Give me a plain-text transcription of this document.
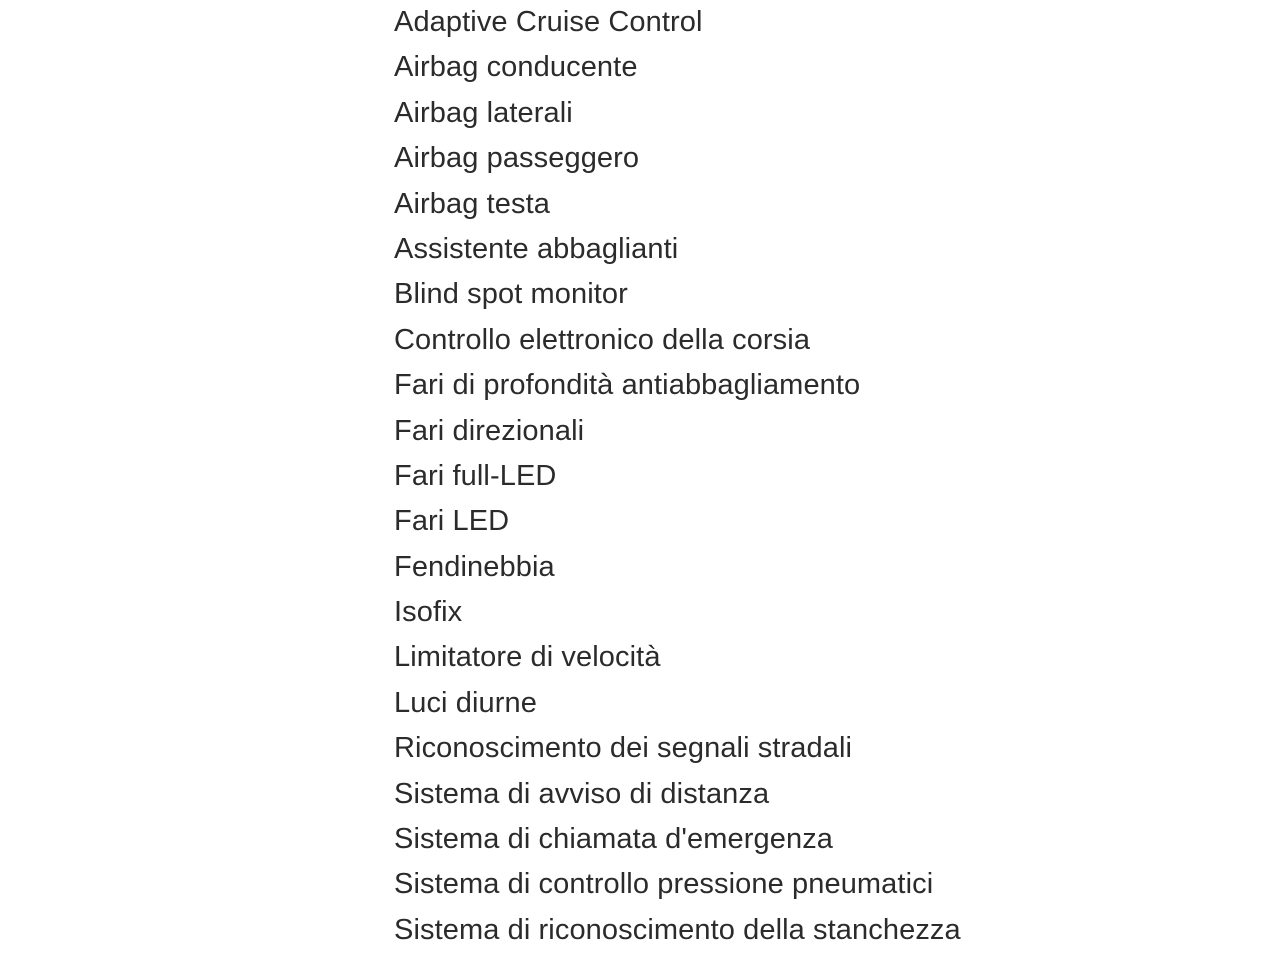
Adaptive Cruise Control
Airbag conducente
Airbag laterali
Airbag passeggero
Airbag testa
Assistente abbaglianti
Blind spot monitor
Controllo elettronico della corsia
Fari di profondità antiabbagliamento
Fari direzionali
Fari full-LED
Fari LED
Fendinebbia
Isofix
Limitatore di velocità
Luci diurne
Riconoscimento dei segnali stradali
Sistema di avviso di distanza
Sistema di chiamata d'emergenza
Sistema di controllo pressione pneumatici
Sistema di riconoscimento della stanchezza
